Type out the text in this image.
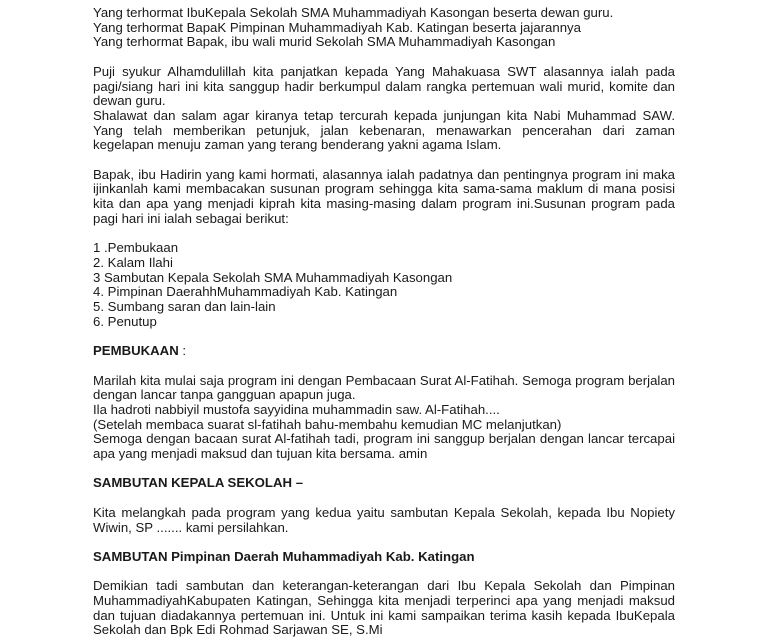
Yang terhormat IbuKepala Sekolah SMA Muhammadiyah Kasongan beserta dewan guru.
Yang terhormat BapaK Pimpinan Muhammadiyah Kab. Katingan beserta jajarannya
Yang terhormat Bapak, ibu wali murid Sekolah SMA Muhammadiyah Kasongan
Puji syukur Alhamdulillah kita panjatkan kepada Yang Mahakuasa SWT alasannya ialah pada pagi/siang hari ini kita sanggup hadir berkumpul dalam rangka pertemuan wali murid, komite dan dewan guru.
Shalawat dan salam agar kiranya tetap tercurah kepada junjungan kita Nabi Muhammad SAW. Yang telah memberikan petunjuk, jalan kebenaran, menawarkan pencerahan dari zaman kegelapan menuju zaman yang terang benderang yakni agama Islam.
Bapak, ibu Hadirin yang kami hormati, alasannya ialah padatnya dan pentingnya program ini maka ijinkanlah kami membacakan susunan program sehingga kita sama-sama maklum di mana posisi kita dan apa yang menjadi kiprah kita masing-masing dalam program ini.Susunan program pada pagi hari ini ialah sebagai berikut:
1 .Pembukaan
2. Kalam Ilahi
3 Sambutan Kepala Sekolah SMA Muhammadiyah Kasongan
4. Pimpinan DaerahhMuhammadiyah Kab. Katingan
5. Sumbang saran dan lain-lain
6. Penutup
PEMBUKAAN :
Marilah kita mulai saja program ini dengan Pembacaan Surat Al-Fatihah. Semoga program berjalan dengan lancar tanpa gangguan apapun juga.
Ila hadroti nabbiyil mustofa sayyidina muhammadin saw. Al-Fatihah....
(Setelah membaca suarat sl-fatihah bahu-membahu kemudian MC melanjutkan)
Semoga dengan bacaan surat Al-fatihah tadi, program ini sanggup berjalan dengan lancar tercapai apa yang menjadi maksud dan tujuan kita bersama. amin
SAMBUTAN KEPALA SEKOLAH –
Kita melangkah pada program yang kedua yaitu sambutan Kepala Sekolah, kepada Ibu Nopiety Wiwin, SP ....... kami persilahkan.
SAMBUTAN Pimpinan Daerah Muhammadiyah Kab. Katingan
Demikian tadi sambutan dan keterangan-keterangan dari Ibu Kepala Sekolah dan Pimpinan MuhammadiyahKabupaten Katingan, Sehingga kita menjadi terperinci apa yang menjadi maksud dan tujuan diadakannya pertemuan ini. Untuk ini kami sampaikan terima kasih kepada IbuKepala Sekolah dan Bpk Edi Rohmad Sarjawan SE, S.Mi
